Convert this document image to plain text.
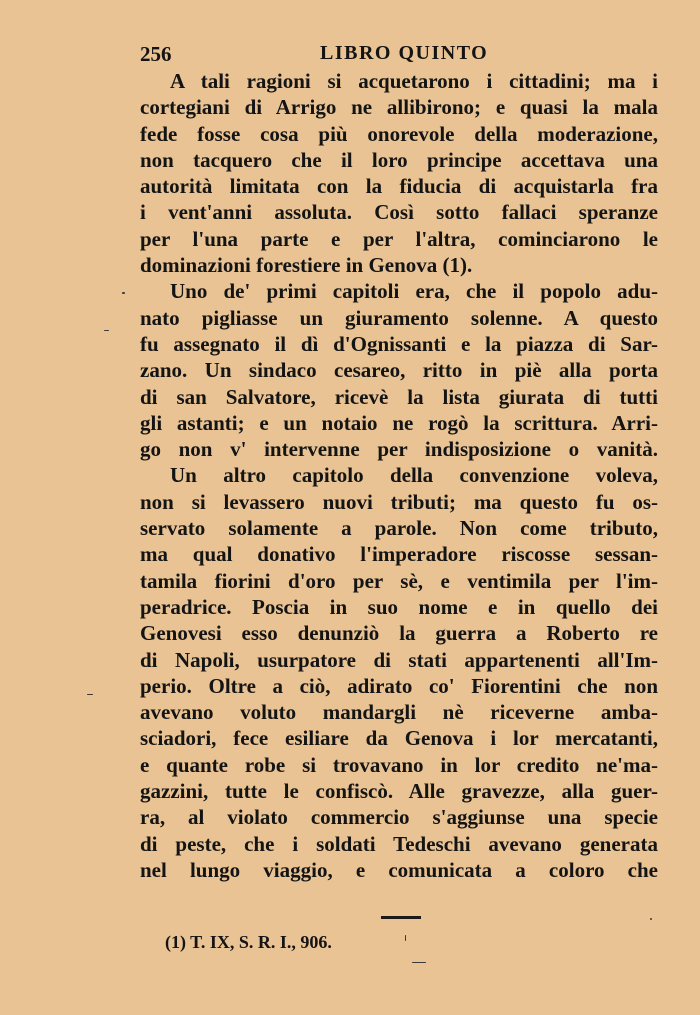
256	LIBRO QUINTO
A tali ragioni si acquetarono i cittadini; ma i
cortegiani di Arrigo ne allibirono; e quasi la mala
fede fosse cosa più onorevole della moderazione,
non tacquero che il loro principe accettava una
autorità limitata con la fiducia di acquistarla fra
i vent'anni assoluta. Così sotto fallaci speranze
per l'una parte e per l'altra, cominciarono le
dominazioni forestiere in Genova (1).
Uno de' primi capitoli era, che il popolo adu-
nato pigliasse un giuramento solenne. A questo
fu assegnato il dì d'Ognissanti e la piazza di Sar-
zano. Un sindaco cesareo, ritto in piè alla porta
di san Salvatore, ricevè la lista giurata di tutti
gli astanti; e un notaio ne rogò la scrittura. Arri-
go non v' intervenne per indisposizione o vanità.
Un altro capitolo della convenzione voleva,
non si levassero nuovi tributi; ma questo fu os-
servato solamente a parole. Non come tributo,
ma qual donativo l'imperadore riscosse sessan-
tamila fiorini d'oro per sè, e ventimila per l'im-
peradrice. Poscia in suo nome e in quello dei
Genovesi esso denunziò la guerra a Roberto re
di Napoli, usurpatore di stati appartenenti all'Im-
perio. Oltre a ciò, adirato co' Fiorentini che non
avevano voluto mandargli nè riceverne amba-
sciadori, fece esiliare da Genova i lor mercatanti,
e quante robe si trovavano in lor credito ne'ma-
gazzini, tutte le confiscò. Alle gravezze, alla guer-
ra, al violato commercio s'aggiunse una specie
di peste, che i soldati Tedeschi avevano generata
nel lungo viaggio, e comunicata a coloro che
(1) T. IX, S. R. I., 906.
